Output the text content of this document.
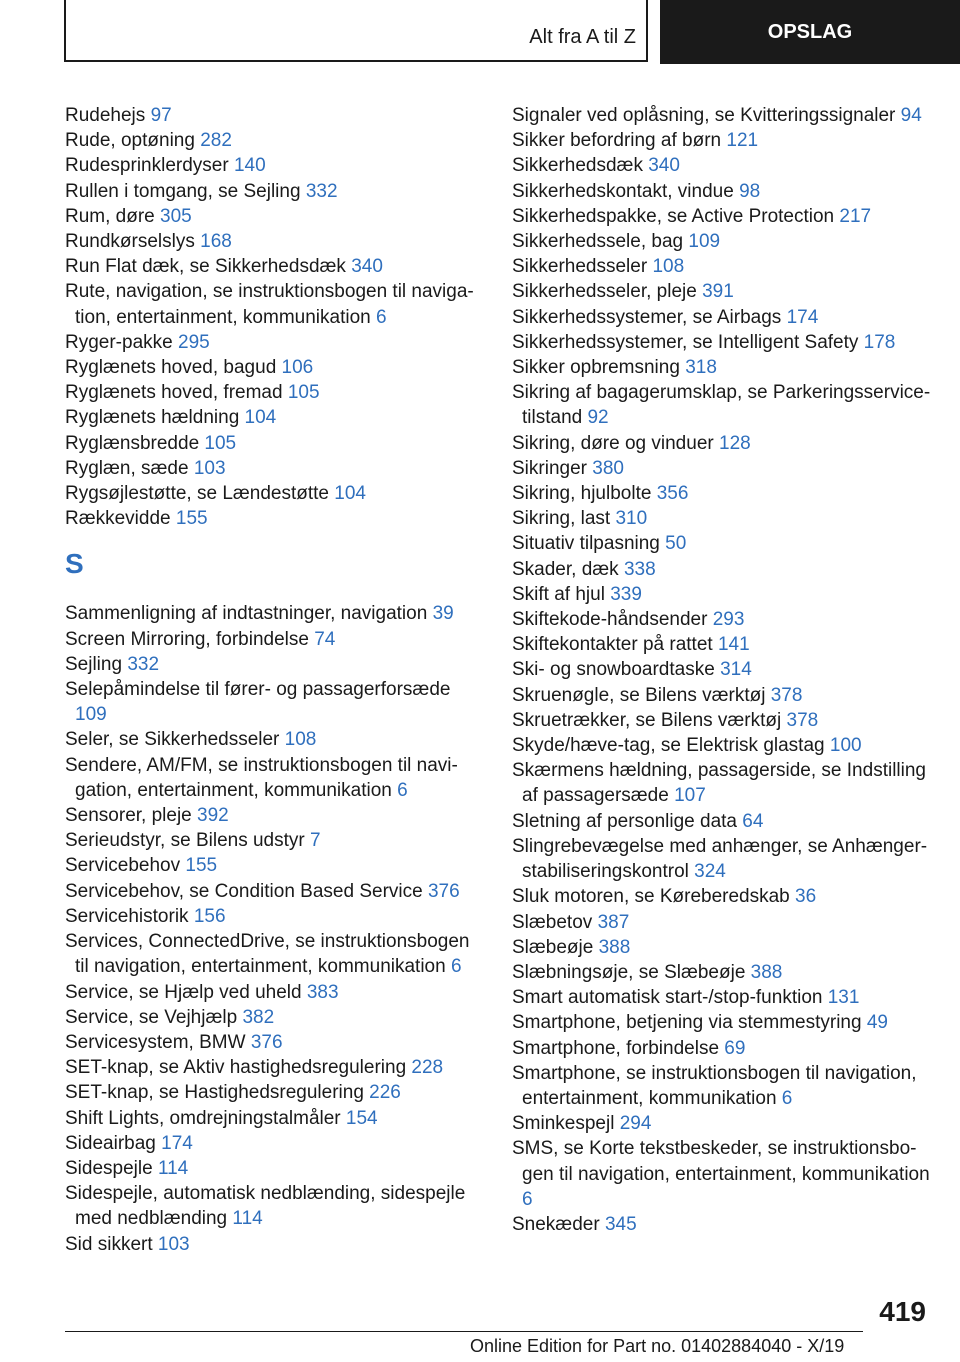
Alt fra A til Z	OPSLAG

Rudehejs 97

Rude, optøning 282

Rudesprinklerdyser 140

Rullen i tomgang, se Sejling 332

Rum, døre 305

Rundkørselslys 168

Run Flat dæk, se Sikkerhedsdæk 340

Rute, navigation, se instruktionsbogen til navigation, entertainment, kommunikation 6

Ryger-pakke 295

Ryglænets hoved, bagud 106

Ryglænets hoved, fremad 105

Ryglænets hældning 104

Ryglænsbredde 105

Ryglæn, sæde 103

Rygsøjlestøtte, se Lændestøtte 104

Rækkevidde 155

S

Sammenligning af indtastninger, navigation 39

Screen Mirroring, forbindelse 74

Sejling 332

Selepåmindelse til fører- og passagerforsæde 109

Seler, se Sikkerhedsseler 108

Sendere, AM/FM, se instruktionsbogen til navigation, entertainment, kommunikation 6

Sensorer, pleje 392

Serieudstyr, se Bilens udstyr 7

Servicebehov 155

Servicebehov, se Condition Based Service 376

Servicehistorik 156

Services, ConnectedDrive, se instruktionsbogen til navigation, entertainment, kommunikation 6

Service, se Hjælp ved uheld 383

Service, se Vejhjælp 382

Servicesystem, BMW 376

SET-knap, se Aktiv hastighedsregulering 228

SET-knap, se Hastighedsregulering 226

Shift Lights, omdrejningstalmåler 154

Sideairbag 174

Sidespejle 114

Sidespejle, automatisk nedblænding, sidespejle med nedblænding 114

Sid sikkert 103

Signaler ved oplåsning, se Kvitteringssignaler 94

Sikker befordring af børn 121

Sikkerhedsdæk 340

Sikkerhedskontakt, vindue 98

Sikkerhedspakke, se Active Protection 217

Sikkerhedssele, bag 109

Sikkerhedsseler 108

Sikkerhedsseler, pleje 391

Sikkerhedssystemer, se Airbags 174

Sikkerhedssystemer, se Intelligent Safety 178

Sikker opbremsning 318

Sikring af bagagerumsklap, se Parkeringsservicetilstand 92

Sikring, døre og vinduer 128

Sikringer 380

Sikring, hjulbolte 356

Sikring, last 310

Situativ tilpasning 50

Skader, dæk 338

Skift af hjul 339

Skiftekode-håndsender 293

Skiftekontakter på rattet 141

Ski- og snowboardtaske 314

Skruenøgle, se Bilens værktøj 378

Skruetrækker, se Bilens værktøj 378

Skyde/hæve-tag, se Elektrisk glastag 100

Skærmens hældning, passagerside, se Indstilling af passagersæde 107

Sletning af personlige data 64

Slingrebevægelse med anhænger, se Anhænger-stabiliseringskontrol 324

Sluk motoren, se Køreberedskab 36

Slæbetov 387

Slæbeøje 388

Slæbningsøje, se Slæbeøje 388

Smart automatisk start-/stop-funktion 131

Smartphone, betjening via stemmestyring 49

Smartphone, forbindelse 69

Smartphone, se instruktionsbogen til navigation, entertainment, kommunikation 6

Sminkespejl 294

SMS, se Korte tekstbeskeder, se instruktionsbogen til navigation, entertainment, kommunikation 6

Snekæder 345

419
Online Edition for Part no. 01402884040 - X/19
